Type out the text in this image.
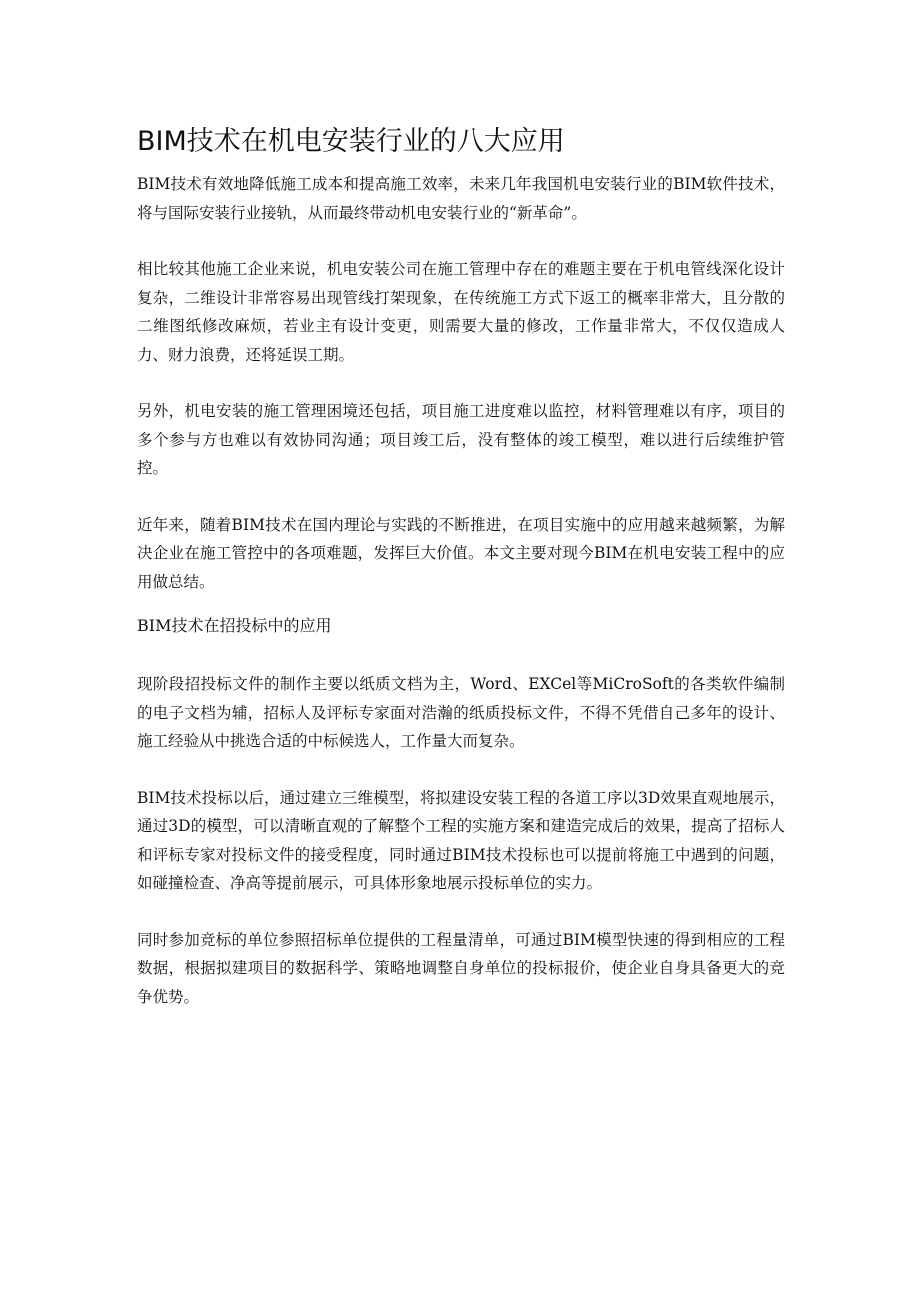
BIM技术在机电安装行业的八大应用

BIM技术有效地降低施工成本和提高施工效率，未来几年我国机电安装行业的BIM软件技术，将与国际安装行业接轨，从而最终带动机电安装行业的“新革命”。

相比较其他施工企业来说，机电安装公司在施工管理中存在的难题主要在于机电管线深化设计复杂，二维设计非常容易出现管线打架现象，在传统施工方式下返工的概率非常大，且分散的二维图纸修改麻烦，若业主有设计变更，则需要大量的修改，工作量非常大，不仅仅造成人力、财力浪费，还将延误工期。

另外，机电安装的施工管理困境还包括，项目施工进度难以监控，材料管理难以有序，项目的多个参与方也难以有效协同沟通；项目竣工后，没有整体的竣工模型，难以进行后续维护管控。

近年来，随着BIM技术在国内理论与实践的不断推进，在项目实施中的应用越来越频繁，为解决企业在施工管控中的各项难题，发挥巨大价值。本文主要对现今BIM在机电安装工程中的应用做总结。

BIM技术在招投标中的应用

现阶段招投标文件的制作主要以纸质文档为主，Word、EXCel等MiCroSoft的各类软件编制的电子文档为辅，招标人及评标专家面对浩瀚的纸质投标文件，不得不凭借自己多年的设计、施工经验从中挑选合适的中标候选人，工作量大而复杂。

BIM技术投标以后，通过建立三维模型，将拟建设安装工程的各道工序以3D效果直观地展示，通过3D的模型，可以清晰直观的了解整个工程的实施方案和建造完成后的效果，提高了招标人和评标专家对投标文件的接受程度，同时通过BIM技术投标也可以提前将施工中遇到的问题，如碰撞检查、净高等提前展示，可具体形象地展示投标单位的实力。

同时参加竞标的单位参照招标单位提供的工程量清单，可通过BIM模型快速的得到相应的工程数据，根据拟建项目的数据科学、策略地调整自身单位的投标报价，使企业自身具备更大的竞争优势。
